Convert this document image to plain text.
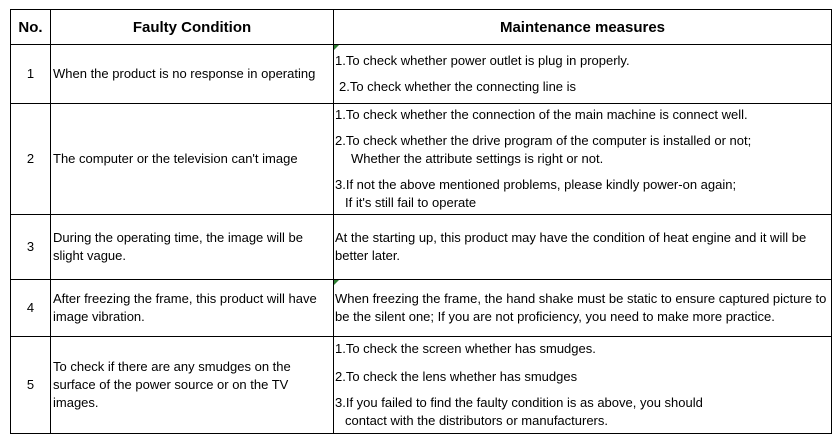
No.	Faulty Condition	Maintenance measures
1	When the product is no response in operating	1.To check whether power outlet is plug in properly.
2.To check whether the connecting line is

2	The computer or the television can't image	1.To check whether the connection of the main machine is connect well.
2.To check whether the drive program of the computer is installed or not;
Whether the attribute settings is right or not.
3.If not the above mentioned problems, please kindly power-on again;
If it's still fail to operate

3	During the operating time, the image will be slight vague.	At the starting up, this product may have the condition of heat engine and it will be better later.

4	After freezing the frame, this product will have image vibration.	When freezing the frame, the hand shake must be static to ensure captured picture to be the silent one; If you are not proficiency, you need to make more practice.

5	To check if there are any smudges on the surface of the power source or on the TV images.	1.To check the screen whether has smudges.
2.To check the lens whether has smudges
3.If you failed to find the faulty condition is as above, you should
contact with the distributors or manufacturers.
